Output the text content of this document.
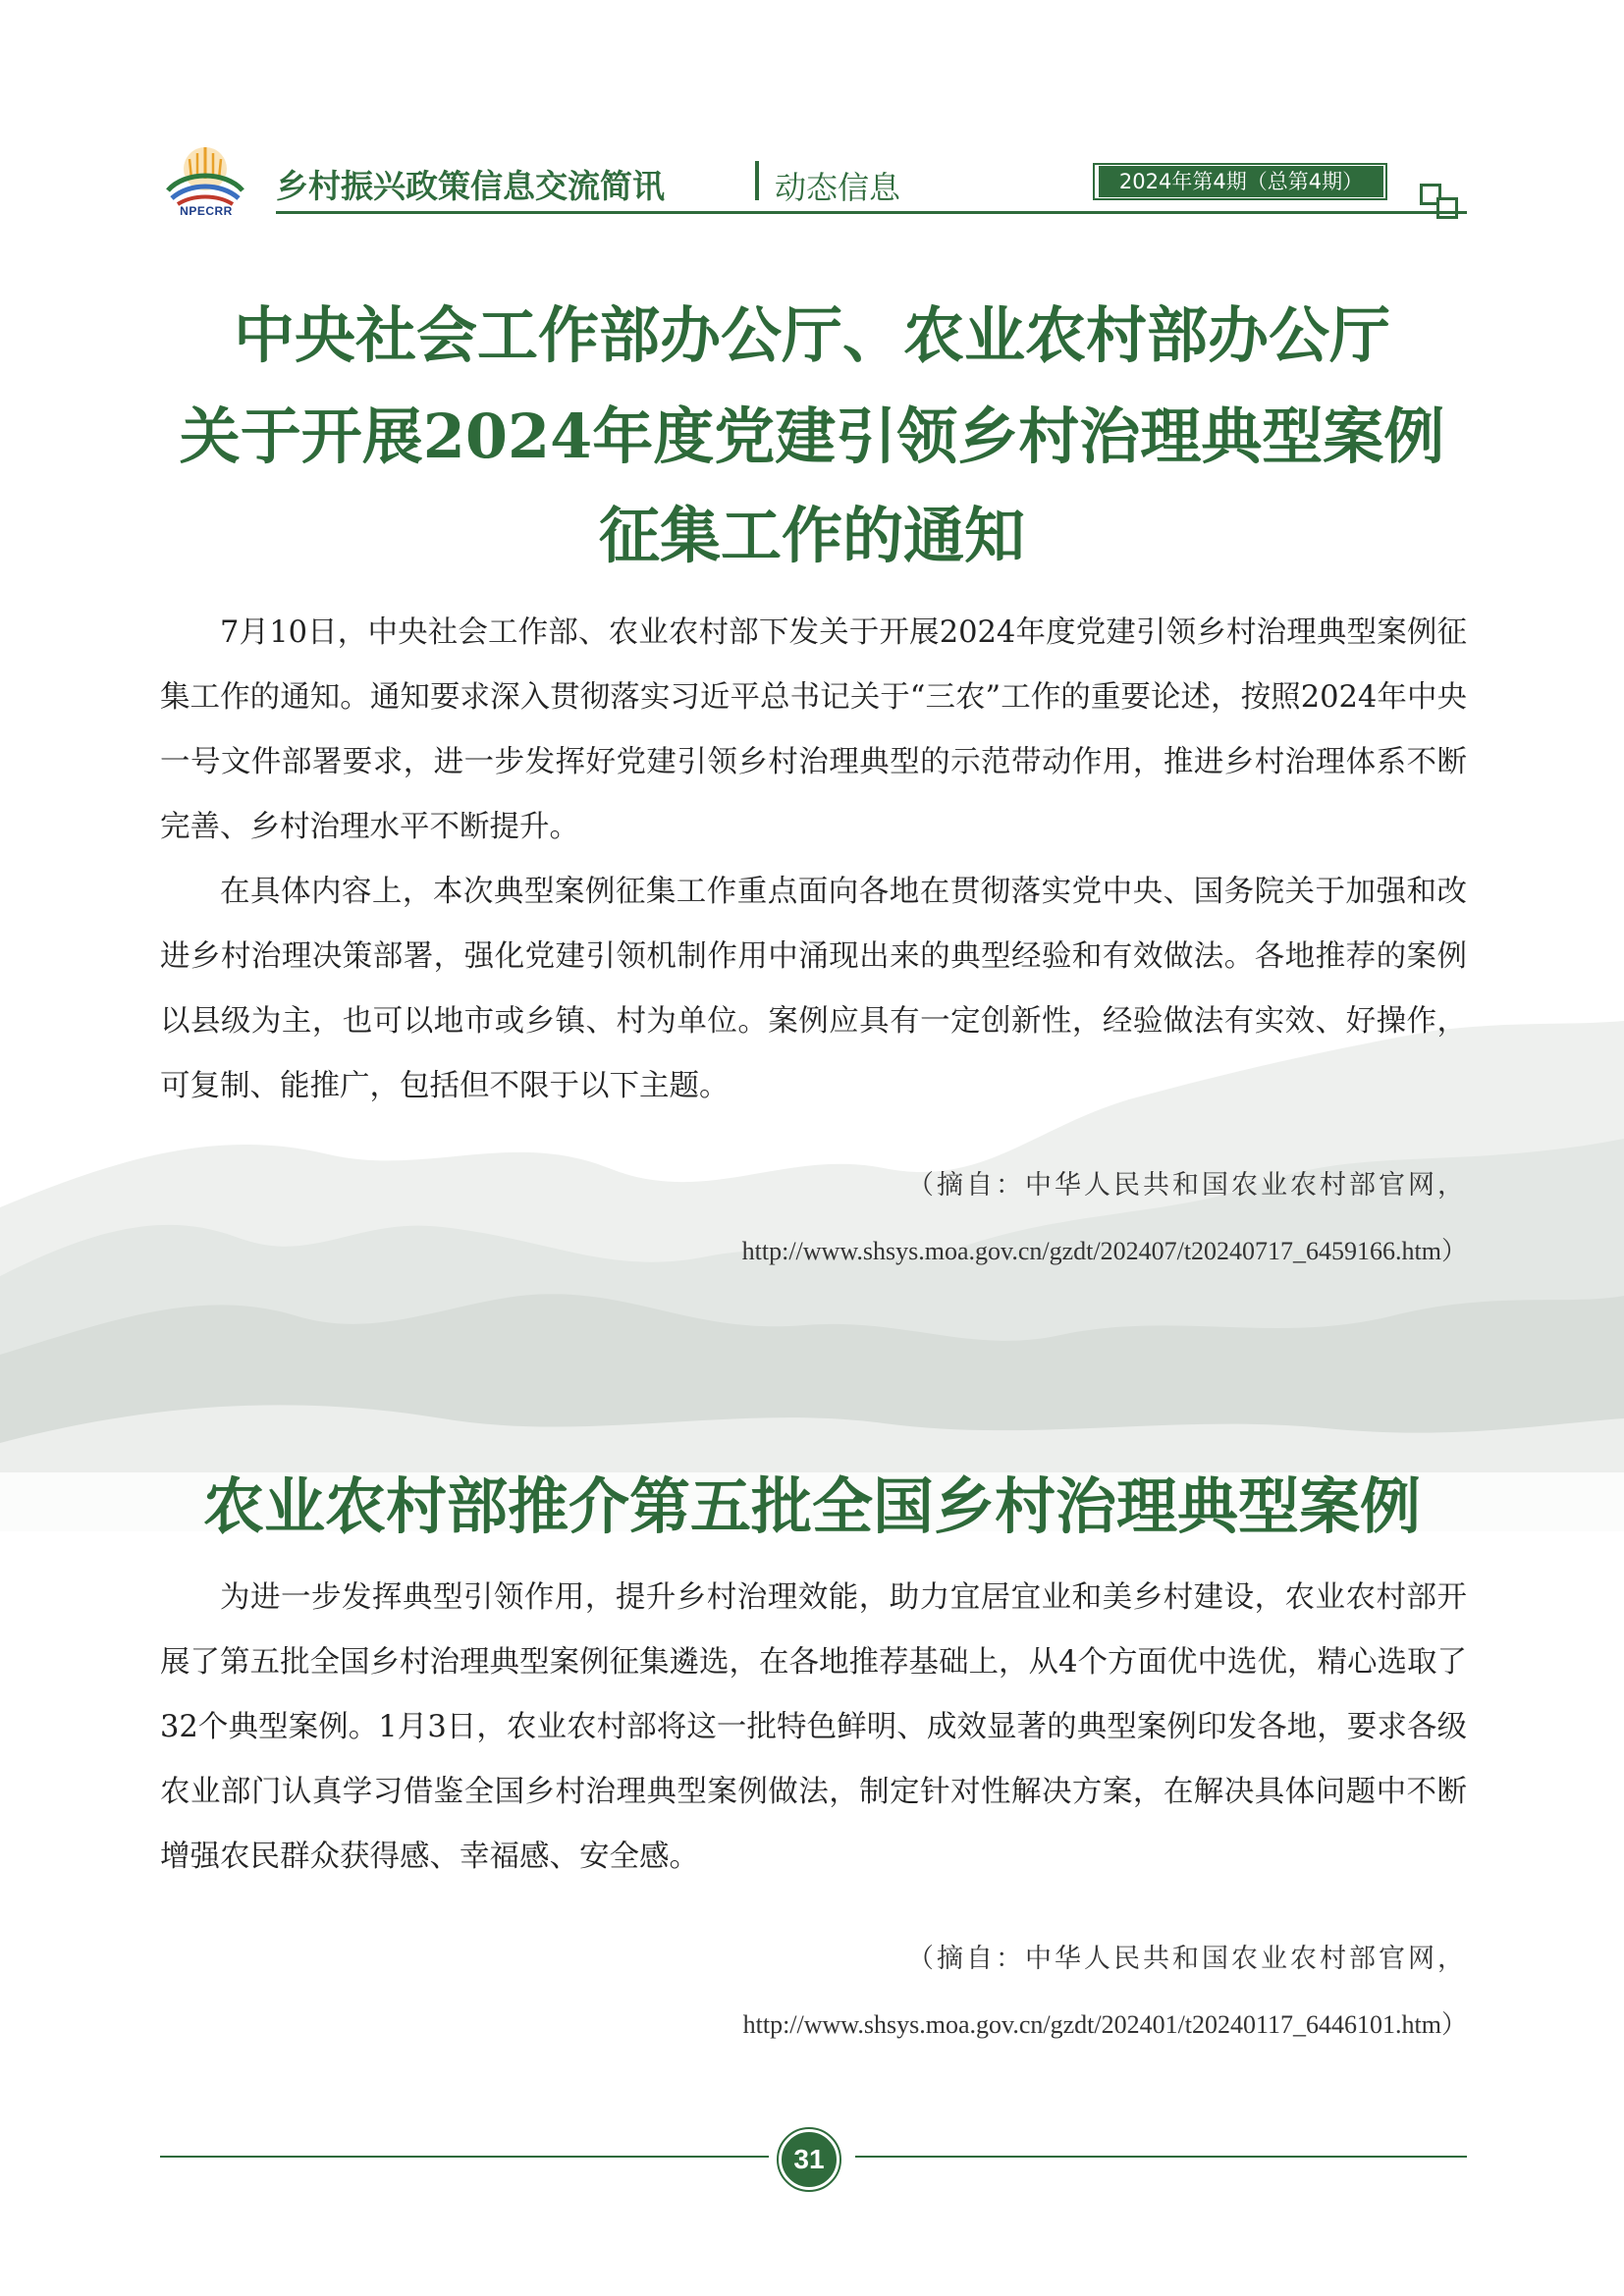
NPECRR
乡村振兴政策信息交流简讯	动态信息	2024年第4期（总第4期）
中央社会工作部办公厅、农业农村部办公厅
关于开展2024年度党建引领乡村治理典型案例
征集工作的通知

7月10日，中央社会工作部、农业农村部下发关于开展2024年度党建引领乡村治理典型案例征集工作的通知。通知要求深入贯彻落实习近平总书记关于“三农”工作的重要论述，按照2024年中央一号文件部署要求，进一步发挥好党建引领乡村治理典型的示范带动作用，推进乡村治理体系不断完善、乡村治理水平不断提升。

在具体内容上，本次典型案例征集工作重点面向各地在贯彻落实党中央、国务院关于加强和改进乡村治理决策部署，强化党建引领机制作用中涌现出来的典型经验和有效做法。各地推荐的案例以县级为主，也可以地市或乡镇、村为单位。案例应具有一定创新性，经验做法有实效、好操作，可复制、能推广，包括但不限于以下主题。

（摘自：中华人民共和国农业农村部官网，
http://www.shsys.moa.gov.cn/gzdt/202407/t20240717_6459166.htm）
农业农村部推介第五批全国乡村治理典型案例

为进一步发挥典型引领作用，提升乡村治理效能，助力宜居宜业和美乡村建设，农业农村部开展了第五批全国乡村治理典型案例征集遴选，在各地推荐基础上，从4个方面优中选优，精心选取了32个典型案例。1月3日，农业农村部将这一批特色鲜明、成效显著的典型案例印发各地，要求各级农业部门认真学习借鉴全国乡村治理典型案例做法，制定针对性解决方案，在解决具体问题中不断增强农民群众获得感、幸福感、安全感。

（摘自：中华人民共和国农业农村部官网，
http://www.shsys.moa.gov.cn/gzdt/202401/t20240117_6446101.htm）
31
